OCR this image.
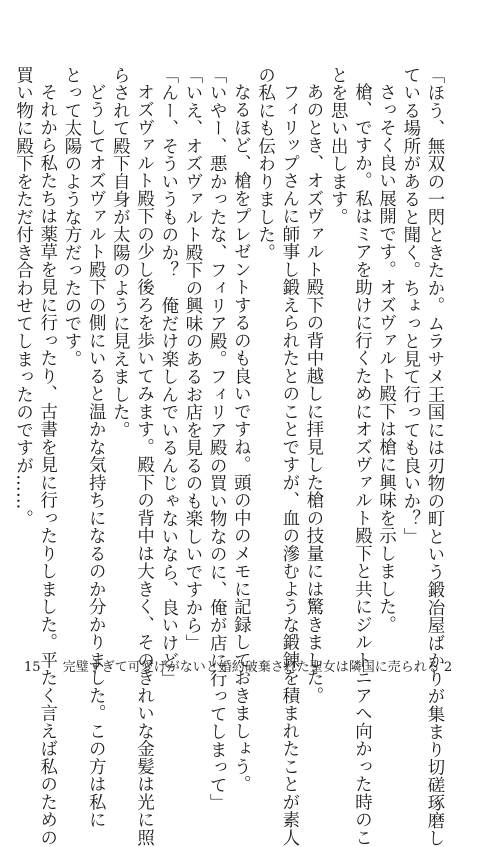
「ほう、無双の一閃ときたか。ムラサメ王国には刃物の町という鍛冶屋ばかりが集まり切磋琢磨し
ている場所があると聞く。ちょっと見て行っても良いか？」
さっそく良い展開です。オズヴァルト殿下は槍に興味を示しました。
槍、ですか。私はミアを助けに行くためにオズヴァルト殿下と共にジルトニアへ向かった時のこ
とを思い出します。
あのとき、オズヴァルト殿下の背中越しに拝見した槍の技量には驚きました。
フィリップさんに師事し鍛えられたとのことですが、血の滲むような鍛錬を積まれたことが素人
の私にも伝わりました。
なるほど、槍をプレゼントするのも良いですね。頭の中のメモに記録しておきましょう。
「いやー、悪かったな、フィリア殿。フィリア殿の買い物なのに、俺が店に行ってしまって」
「いえ、オズヴァルト殿下の興味のあるお店を見るのも楽しいですから」
「んー、そういうものか？　俺だけ楽しんでいるんじゃないなら、良いけど」
オズヴァルト殿下の少し後ろを歩いてみます。殿下の背中は大きく、そのきれいな金髪は光に照
らされて殿下自身が太陽のように見えました。
どうしてオズヴァルト殿下の側にいると温かな気持ちになるのか分かりました。この方は私に
とって太陽のような方だったのです。
それから私たちは薬草を見に行ったり、古書を見に行ったりしました。平たく言えば私のための
買い物に殿下をただ付き合わせてしまったのですが……。
15 完璧すぎて可愛げがないと婚約破棄された聖女は隣国に売られる 2
